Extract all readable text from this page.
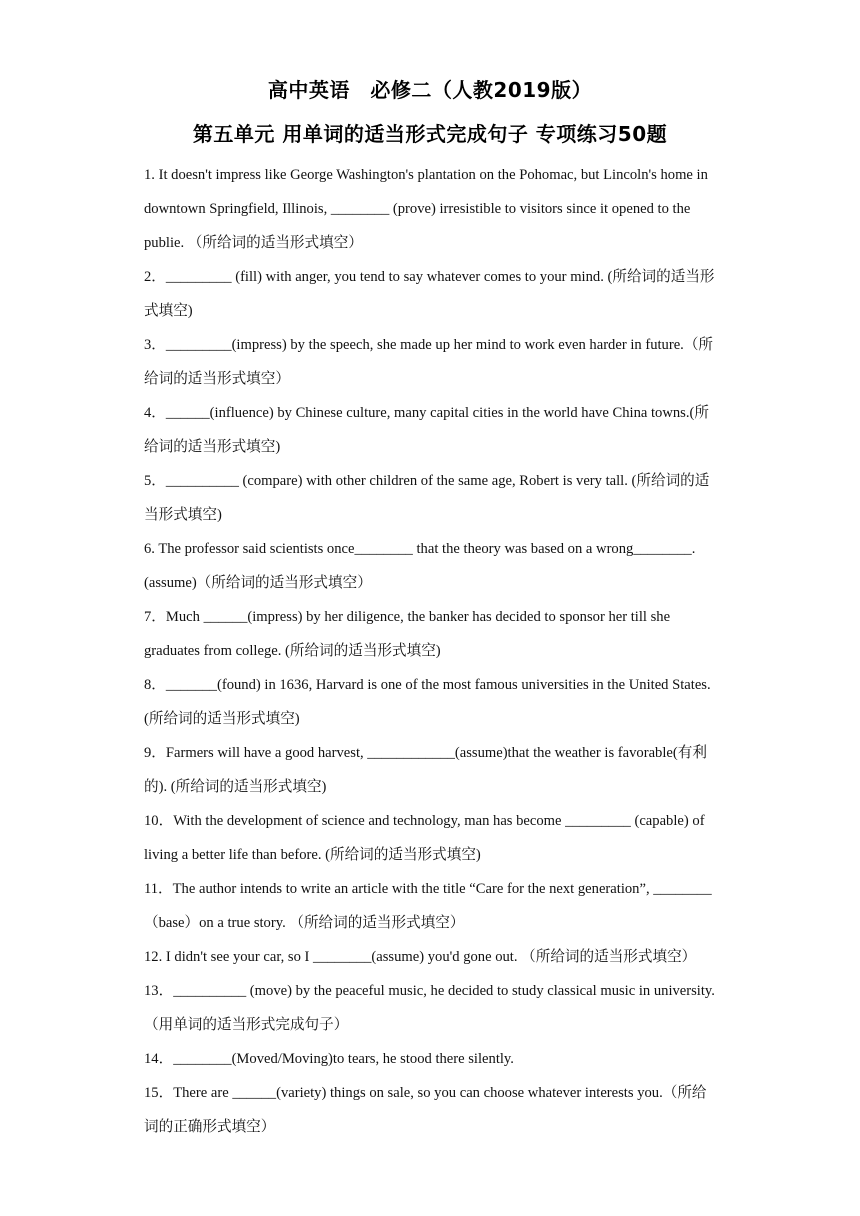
高中英语　必修二（人教2019版）
第五单元 用单词的适当形式完成句子 专项练习50题

1. It doesn't impress like George Washington's plantation on the Pohomac, but Lincoln's home in downtown Springfield, Illinois, ________ (prove) irresistible to visitors since it opened to the publie. （所给词的适当形式填空）

2．_________ (fill) with anger, you tend to say whatever comes to your mind. (所给词的适当形式填空)

3．_________(impress) by the speech, she made up her mind to work even harder in future.（所给词的适当形式填空）

4．______(influence) by Chinese culture, many capital cities in the world have China towns.(所给词的适当形式填空)

5．__________ (compare) with other children of the same age, Robert is very tall. (所给词的适当形式填空)

6. The professor said scientists once________ that the theory was based on a wrong________. (assume)（所给词的适当形式填空）

7．Much ______(impress) by her diligence, the banker has decided to sponsor her till she graduates from college. (所给词的适当形式填空)

8．_______(found) in 1636, Harvard is one of the most famous universities in the United States.(所给词的适当形式填空)

9．Farmers will have a good harvest, ____________(assume)that the weather is favorable(有利的). (所给词的适当形式填空)

10．With the development of science and technology, man has become _________ (capable) of living a better life than before. (所给词的适当形式填空)

11．The author intends to write an article with the title “Care for the next generation”, ________（base）on a true story. （所给词的适当形式填空）

12. I didn't see your car, so I ________(assume) you'd gone out. （所给词的适当形式填空）

13．__________ (move) by the peaceful music, he decided to study classical music in university.（用单词的适当形式完成句子）

14．________(Moved/Moving)to tears, he stood there silently.

15．There are ______(variety) things on sale, so you can choose whatever interests you.（所给词的正确形式填空）
